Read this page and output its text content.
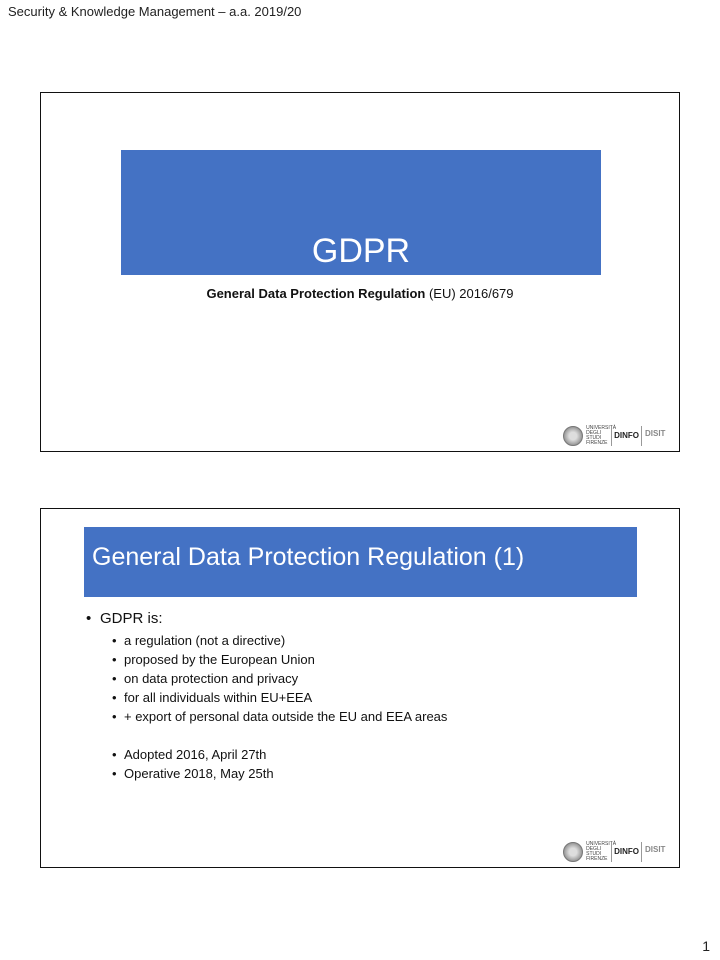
Security & Knowledge Management – a.a. 2019/20
GDPR
General Data Protection Regulation (EU) 2016/679
UNIVERSITÀ DEGLI STUDI FIRENZE
DINFO DISIT

General Data Protection Regulation (1)
• GDPR is:
• a regulation (not a directive)
• proposed by the European Union
• on data protection and privacy
• for all individuals within EU+EEA
• + export of personal data outside the EU and EEA areas
• Adopted 2016, April 27th
• Operative 2018, May 25th
UNIVERSITÀ DEGLI STUDI FIRENZE
DINFO DISIT

1
